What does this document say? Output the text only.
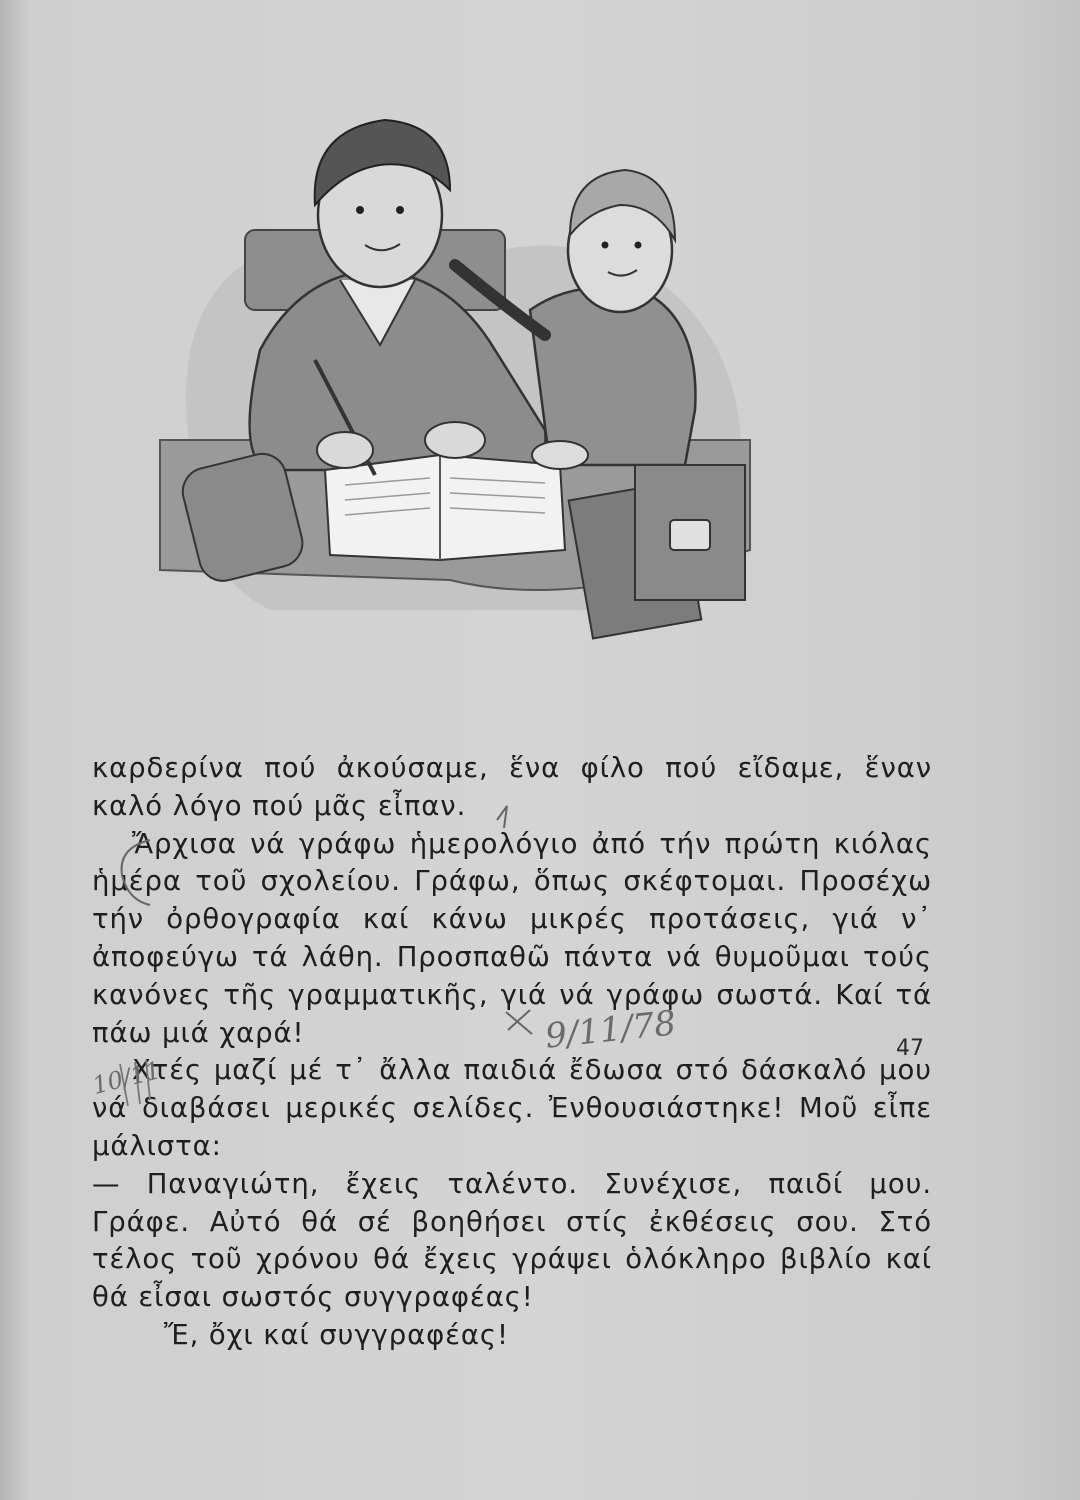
καρδερίνα πού ἀκούσαμε, ἕνα φίλο πού εἴδαμε, ἕναν καλό λόγο πού μᾶς εἶπαν.

Ἄρχισα νά γράφω ἡμερολόγιο ἀπό τήν πρώτη κιόλας ἡμέρα τοῦ σχολείου. Γράφω, ὅπως σκέφτομαι. Προσέχω τήν ὀρθογραφία καί κάνω μικρές προτάσεις, γιά ν᾽ ἀποφεύγω τά λάθη. Προσπαθῶ πάντα νά θυμοῦμαι τούς κανόνες τῆς γραμματικῆς, γιά νά γράφω σωστά. Καί τά πάω μιά χαρά!

Χτές μαζί μέ τ᾽ ἄλλα παιδιά ἔδωσα στό δάσκαλό μου νά διαβάσει μερικές σελίδες. Ἐνθουσιάστηκε! Μοῦ εἶπε μάλιστα:

— Παναγιώτη, ἔχεις ταλέντο. Συνέχισε, παιδί μου. Γράφε. Αὐτό θά σέ βοηθήσει στίς ἐκθέσεις σου. Στό τέλος τοῦ χρόνου θά ἔχεις γράψει ὁλόκληρο βιβλίο καί θά εἶσαι σωστός συγγραφέας!

Ἔ, ὄχι καί συγγραφέας!

47
9/11/78
10/11
